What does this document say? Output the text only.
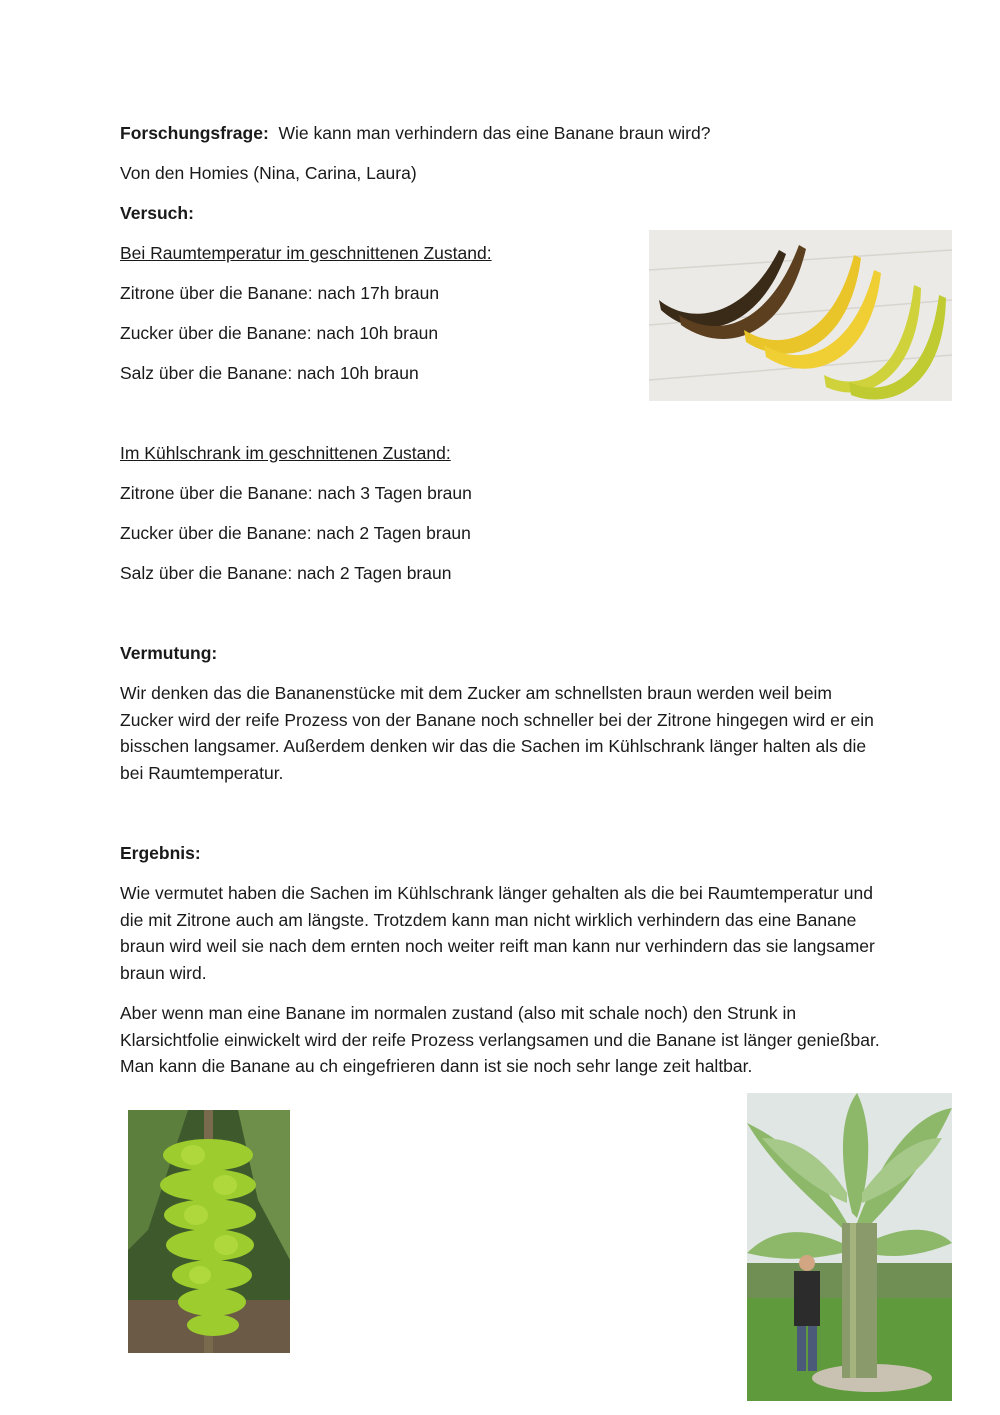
Forschungsfrage: Wie kann man verhindern das eine Banane braun wird?
Von den Homies (Nina, Carina, Laura)
Versuch:
Bei Raumtemperatur im geschnittenen Zustand:
Zitrone über die Banane: nach 17h braun
Zucker über die Banane: nach 10h braun
Salz über die Banane: nach 10h braun
Im Kühlschrank im geschnittenen Zustand:
Zitrone über die Banane: nach 3 Tagen braun
Zucker über die Banane: nach 2 Tagen braun
Salz über die Banane: nach 2 Tagen braun
Vermutung:
Wir denken das die Bananenstücke mit dem Zucker am schnellsten braun werden weil beim Zucker wird der reife Prozess von der Banane noch schneller bei der Zitrone hingegen wird er ein bisschen langsamer. Außerdem denken wir das die Sachen im Kühlschrank länger halten als die bei Raumtemperatur.
Ergebnis:
Wie vermutet haben die Sachen im Kühlschrank länger gehalten als die bei Raumtemperatur und die mit Zitrone auch am längste. Trotzdem kann man nicht wirklich verhindern das eine Banane braun wird weil sie nach dem ernten noch weiter reift man kann nur verhindern das sie langsamer braun wird.
Aber wenn man eine Banane im normalen zustand (also mit schale noch) den Strunk in Klarsichtfolie einwickelt wird der reife Prozess verlangsamen und die Banane ist länger genießbar. Man kann die Banane au ch eingefrieren dann ist sie noch sehr lange zeit haltbar.
